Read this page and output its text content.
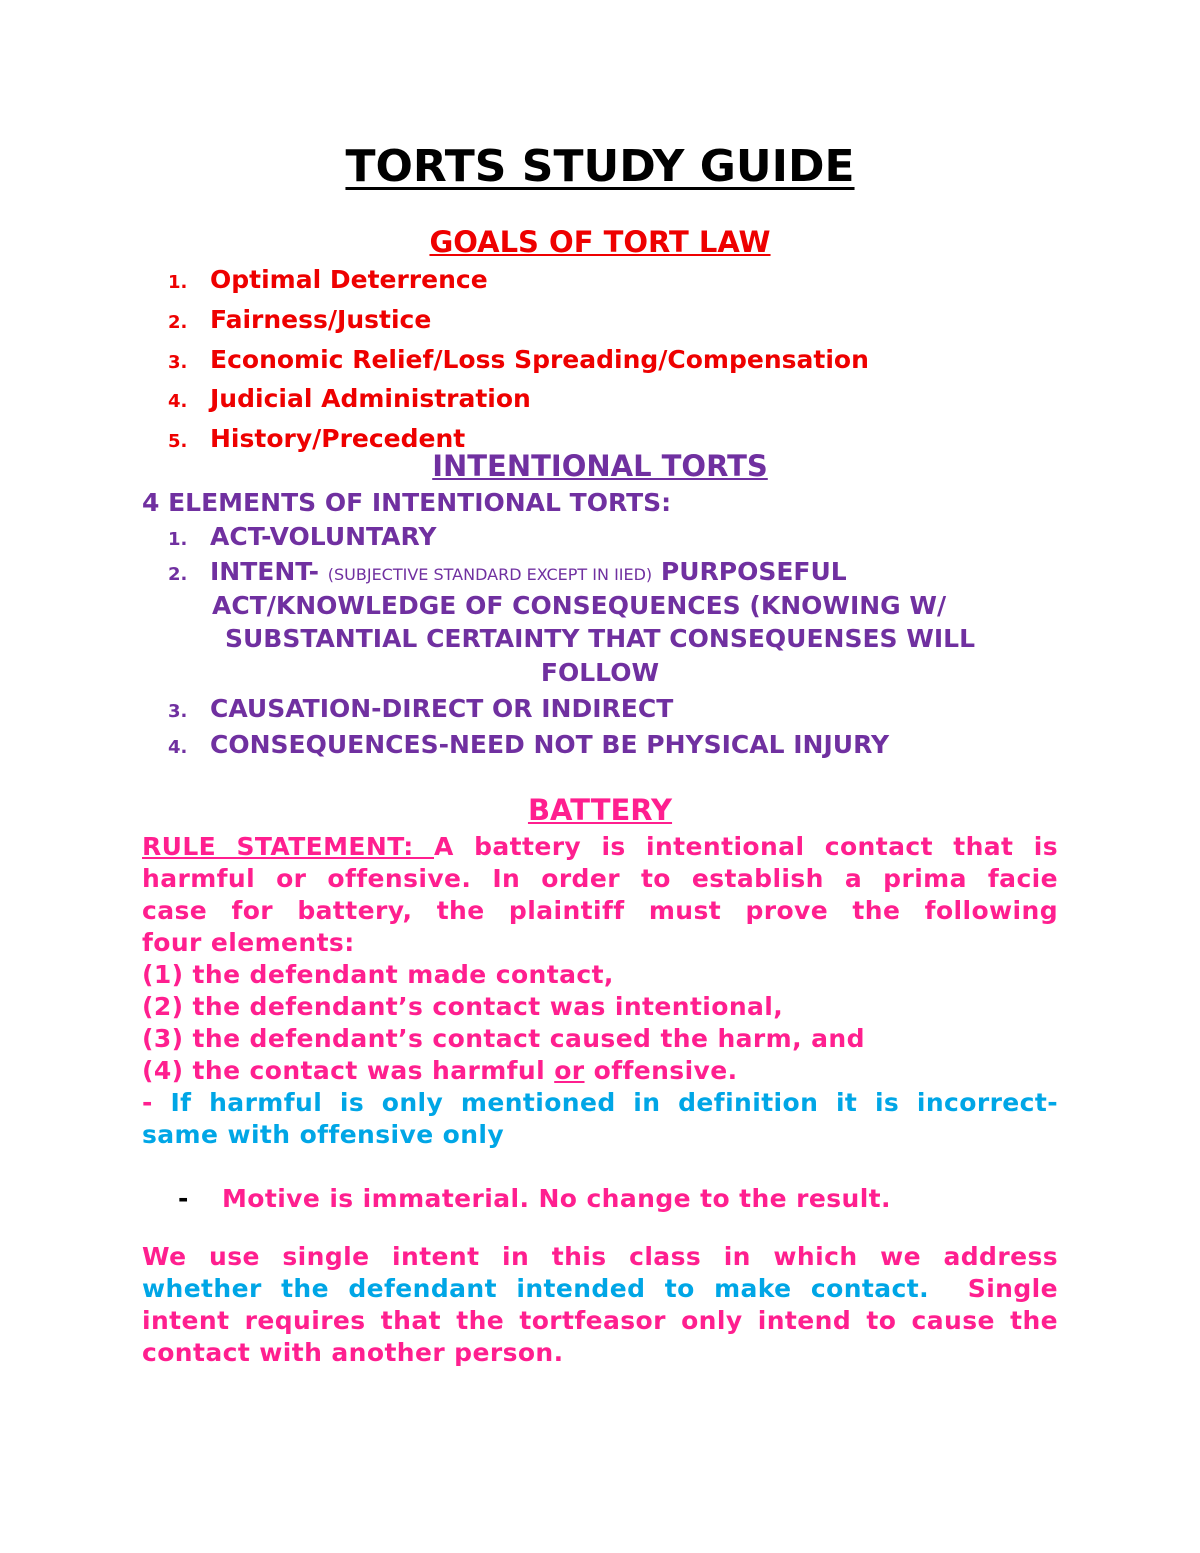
TORTS STUDY GUIDE
GOALS OF TORT LAW
1. Optimal Deterrence
2. Fairness/Justice
3. Economic Relief/Loss Spreading/Compensation
4. Judicial Administration
5. History/Precedent
INTENTIONAL TORTS
4 ELEMENTS OF INTENTIONAL TORTS:
1. ACT-VOLUNTARY
2. INTENT- (SUBJECTIVE STANDARD EXCEPT IN IIED) PURPOSEFUL
ACT/KNOWLEDGE OF CONSEQUENCES (KNOWING W/
SUBSTANTIAL CERTAINTY THAT CONSEQUENSES WILL
FOLLOW
3. CAUSATION-DIRECT OR INDIRECT
4. CONSEQUENCES-NEED NOT BE PHYSICAL INJURY
BATTERY
RULE STATEMENT: A battery is intentional contact that is
harmful or offensive. In order to establish a prima facie
case for battery, the plaintiff must prove the following
four elements:
(1) the defendant made contact,
(2) the defendant’s contact was intentional,
(3) the defendant’s contact caused the harm, and
(4) the contact was harmful or offensive.
- If harmful is only mentioned in definition it is incorrect-
same with offensive only
- Motive is immaterial. No change to the result.
We use single intent in this class in which we address
whether the defendant intended to make contact. Single
intent requires that the tortfeasor only intend to cause the
contact with another person.
